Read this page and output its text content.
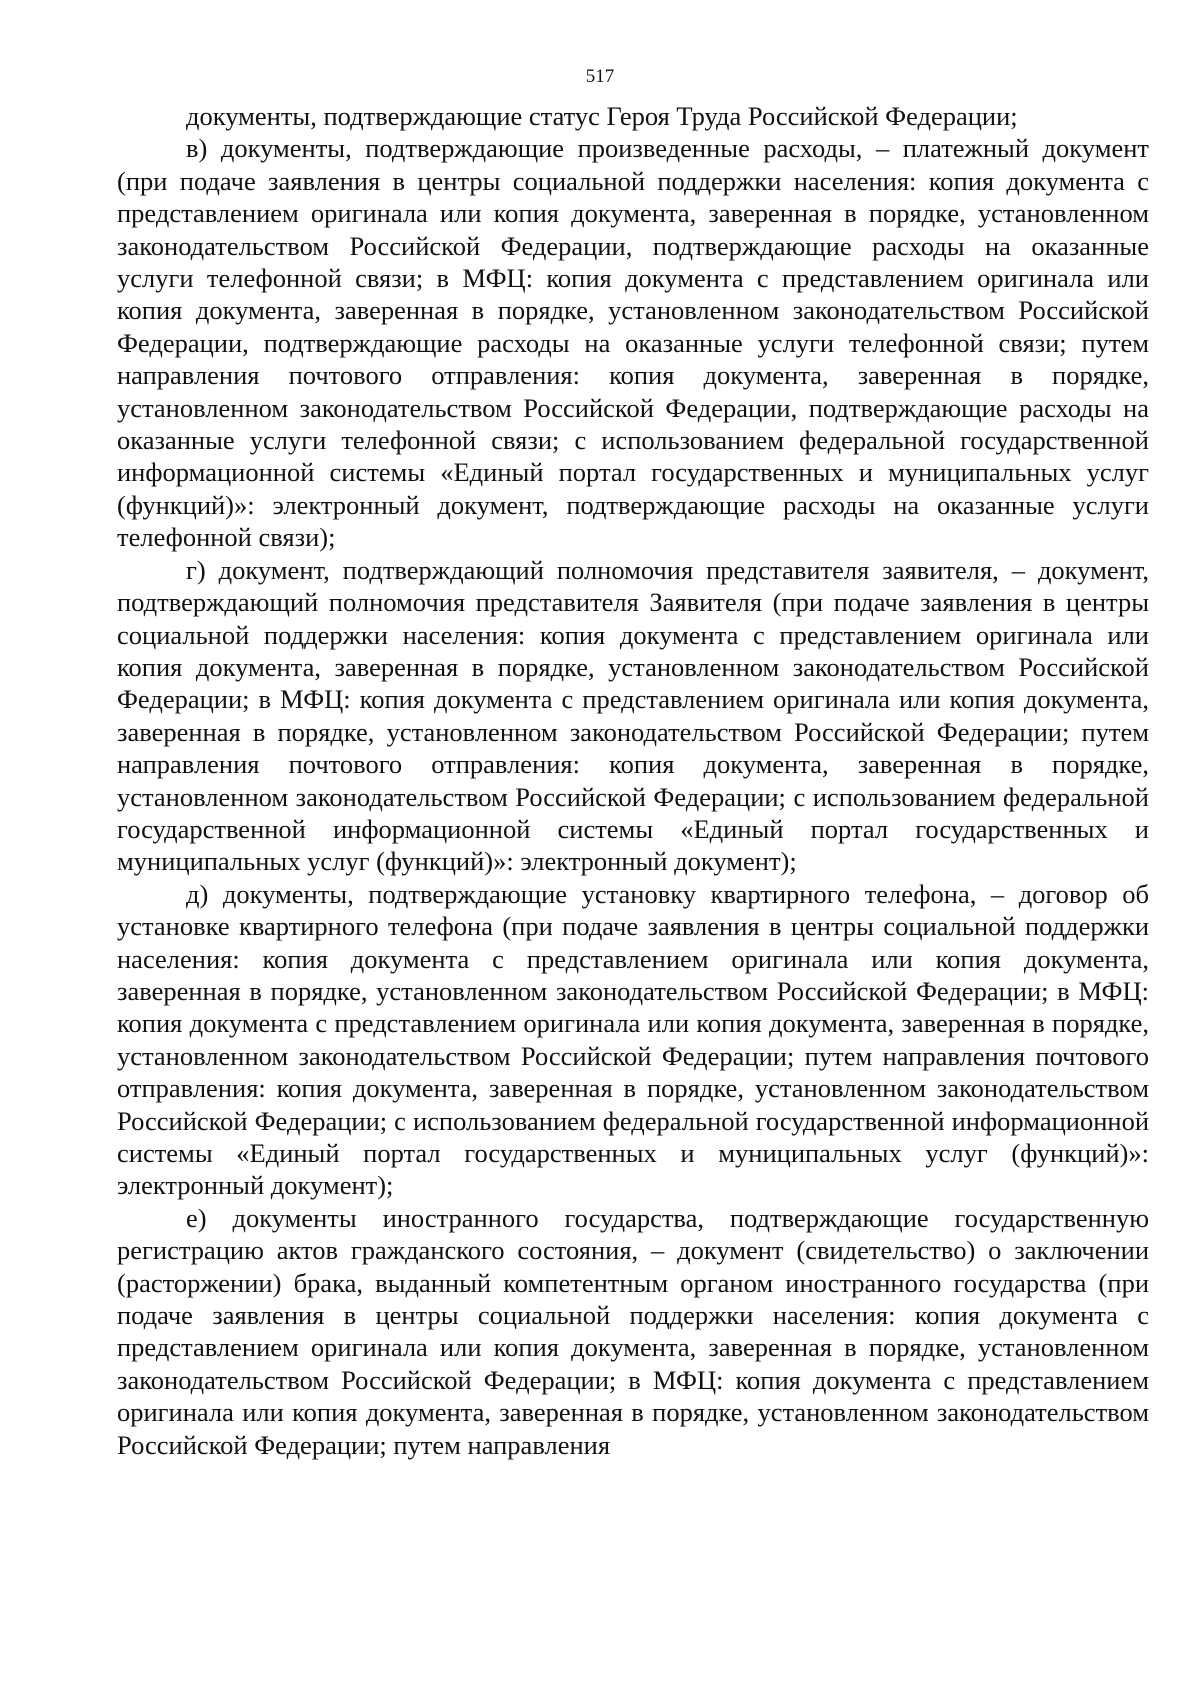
517

документы, подтверждающие статус Героя Труда Российской Федерации;

в) документы, подтверждающие произведенные расходы, – платежный документ (при подаче заявления в центры социальной поддержки населения: копия документа с представлением оригинала или копия документа, заверенная в порядке, установленном законодательством Российской Федерации, подтверждающие расходы на оказанные услуги телефонной связи; в МФЦ: копия документа с представлением оригинала или копия документа, заверенная в порядке, установленном законодательством Российской Федерации, подтверждающие расходы на оказанные услуги телефонной связи; путем направления почтового отправления: копия документа, заверенная в порядке, установленном законодательством Российской Федерации, подтверждающие расходы на оказанные услуги телефонной связи; с использованием федеральной государственной информационной системы «Единый портал государственных и муниципальных услуг (функций)»: электронный документ, подтверждающие расходы на оказанные услуги телефонной связи);

г) документ, подтверждающий полномочия представителя заявителя, – документ, подтверждающий полномочия представителя Заявителя (при подаче заявления в центры социальной поддержки населения: копия документа с представлением оригинала или копия документа, заверенная в порядке, установленном законодательством Российской Федерации; в МФЦ: копия документа с представлением оригинала или копия документа, заверенная в порядке, установленном законодательством Российской Федерации; путем направления почтового отправления: копия документа, заверенная в порядке, установленном законодательством Российской Федерации; с использованием федеральной государственной информационной системы «Единый портал государственных и муниципальных услуг (функций)»: электронный документ);

д) документы, подтверждающие установку квартирного телефона, – договор об установке квартирного телефона (при подаче заявления в центры социальной поддержки населения: копия документа с представлением оригинала или копия документа, заверенная в порядке, установленном законодательством Российской Федерации; в МФЦ: копия документа с представлением оригинала или копия документа, заверенная в порядке, установленном законодательством Российской Федерации; путем направления почтового отправления: копия документа, заверенная в порядке, установленном законодательством Российской Федерации; с использованием федеральной государственной информационной системы «Единый портал государственных и муниципальных услуг (функций)»: электронный документ);

е) документы иностранного государства, подтверждающие государственную регистрацию актов гражданского состояния, – документ (свидетельство) о заключении (расторжении) брака, выданный компетентным органом иностранного государства (при подаче заявления в центры социальной поддержки населения: копия документа с представлением оригинала или копия документа, заверенная в порядке, установленном законодательством Российской Федерации; в МФЦ: копия документа с представлением оригинала или копия документа, заверенная в порядке, установленном законодательством Российской Федерации; путем направления
